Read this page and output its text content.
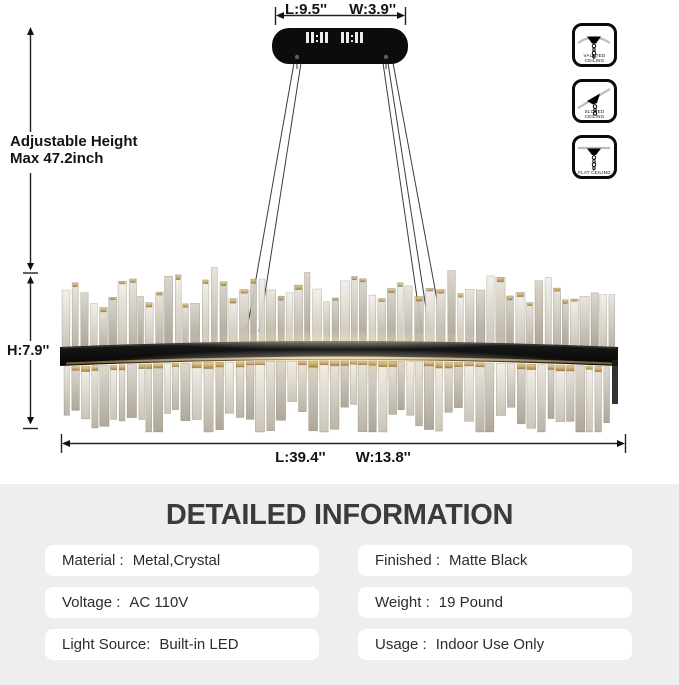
L:9.5'' W:3.9''
Adjustable Height
Max 47.2inch
H:7.9''
L:39.4'' W:13.8''
VAULTED CEILING
SLOPED CEILING
FLAT CEILING
DETAILED INFORMATION
Material : Metal,Crystal	Finished : Matte Black
Voltage : AC 110V	Weight : 19 Pound
Light Source: Built-in LED	Usage : Indoor Use Only
